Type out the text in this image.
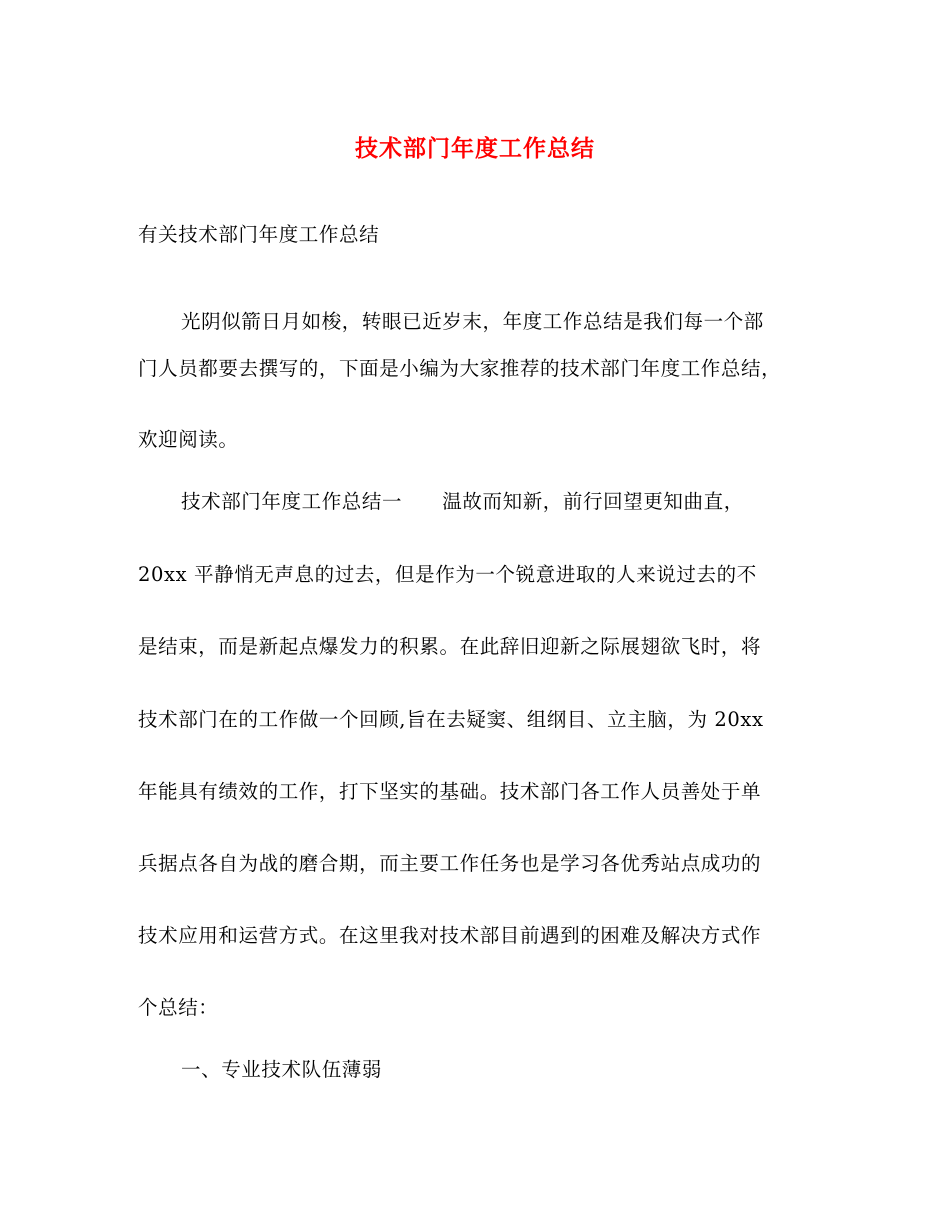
技术部门年度工作总结
有关技术部门年度工作总结
光阴似箭日月如梭，转眼已近岁末，年度工作总结是我们每一个部
门人员都要去撰写的，下面是小编为大家推荐的技术部门年度工作总结，
欢迎阅读。
技术部门年度工作总结一　　温故而知新，前行回望更知曲直，
20xx 平静悄无声息的过去，但是作为一个锐意进取的人来说过去的不
是结束，而是新起点爆发力的积累。在此辞旧迎新之际展翅欲飞时，将
技术部门在的工作做一个回顾,旨在去疑窦、组纲目、立主脑，为 20xx
年能具有绩效的工作，打下坚实的基础。技术部门各工作人员善处于单
兵据点各自为战的磨合期，而主要工作任务也是学习各优秀站点成功的
技术应用和运营方式。在这里我对技术部目前遇到的困难及解决方式作
个总结：
一、专业技术队伍薄弱
